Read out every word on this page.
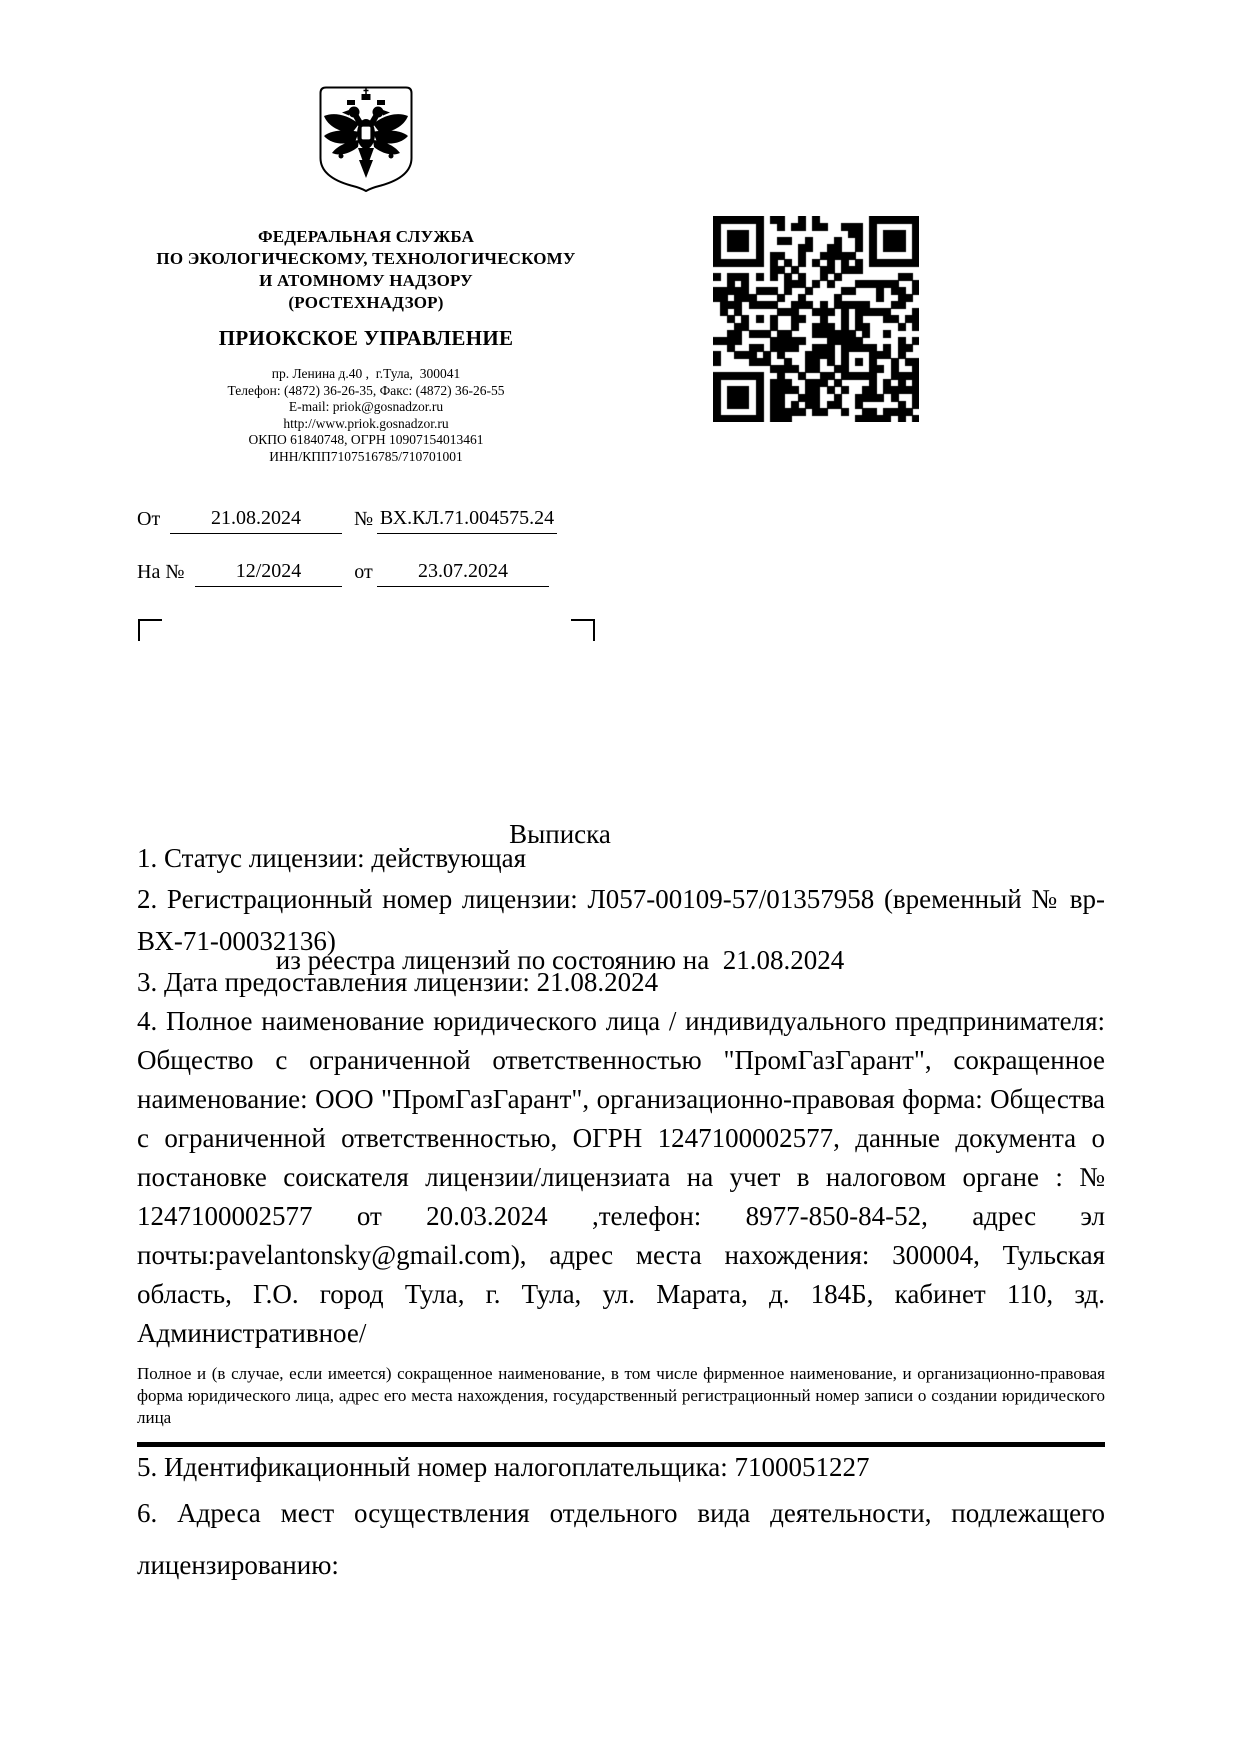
ФЕДЕРАЛЬНАЯ СЛУЖБА
ПО ЭКОЛОГИЧЕСКОМУ, ТЕХНОЛОГИЧЕСКОМУ
И АТОМНОМУ НАДЗОРУ
(РОСТЕХНАДЗОР)
ПРИОКСКОЕ УПРАВЛЕНИЕ
пр. Ленина д.40 ,  г.Тула,  300041
Телефон: (4872) 36-26-35, Факс: (4872) 36-26-55
E-mail: priok@gosnadzor.ru
http://www.priok.gosnadzor.ru
ОКПО 61840748, ОГРН 10907154013461
ИНН/КПП7107516785/710701001
От	21.08.2024	№ ВХ.КЛ.71.004575.24
На №	12/2024	от	23.07.2024

Выписка

из реестра лицензий по состоянию на  21.08.2024

1. Статус лицензии: действующая

2. Регистрационный номер лицензии: Л057-00109-57/01357958 (временный № вр-ВХ-71-00032136)

3. Дата предоставления лицензии: 21.08.2024

4. Полное наименование юридического лица / индивидуального предпринимателя: Общество с ограниченной ответственностью "ПромГазГарант", сокращенное наименование: ООО "ПромГазГарант", организационно-правовая форма: Общества с ограниченной ответственностью, ОГРН 1247100002577, данные документа о постановке соискателя лицензии/лицензиата на учет в налоговом органе : № 1247100002577 от 20.03.2024 ,телефон: 8977-850-84-52, адрес эл почты:pavelantonsky@gmail.com), адрес места нахождения: 300004, Тульская область, Г.О. город Тула, г. Тула, ул. Марата, д. 184Б, кабинет 110, зд. Административное/

Полное и (в случае, если имеется) сокращенное наименование, в том числе фирменное наименование, и организационно-правовая форма юридического лица, адрес его места нахождения, государственный регистрационный номер записи о создании юридического лица

5. Идентификационный номер налогоплательщика: 7100051227

6. Адреса мест осуществления отдельного вида деятельности, подлежащего лицензированию:
